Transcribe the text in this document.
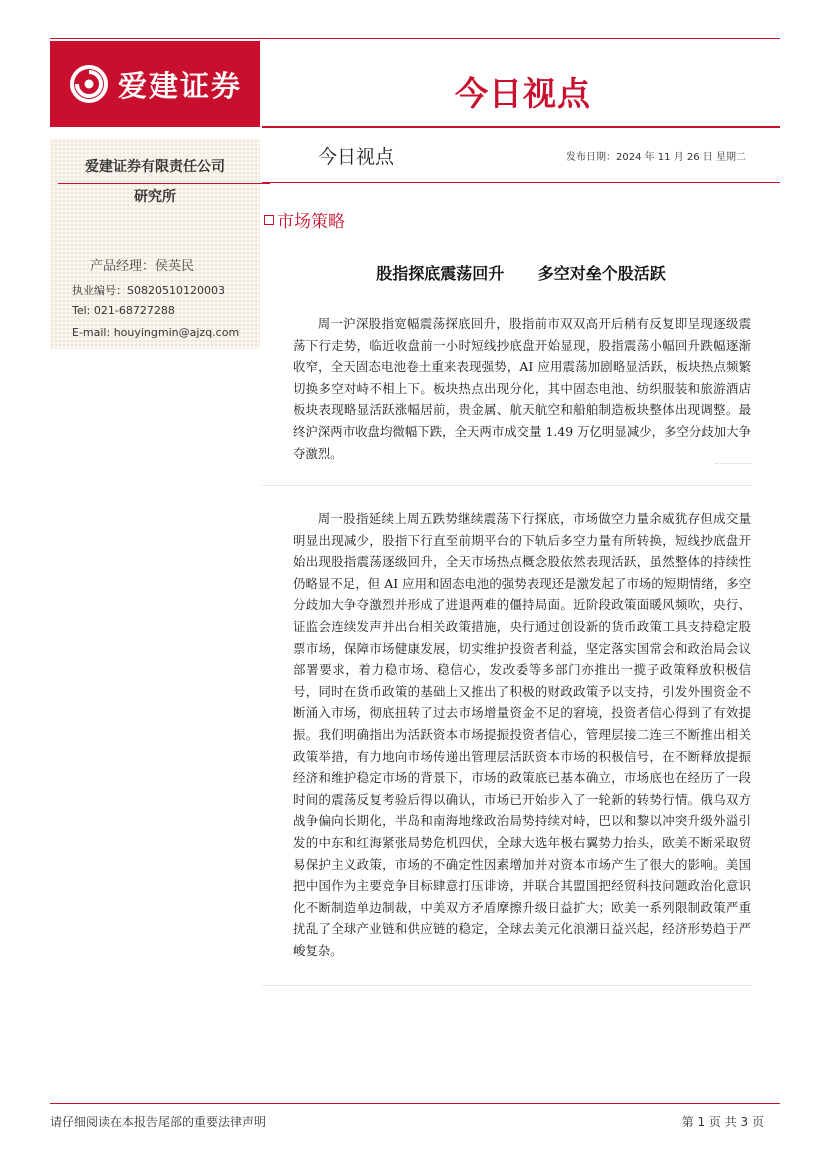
爱建证券	今日视点
爱建证券有限责任公司
研究所
产品经理：侯英民
执业编号：S0820510120003
Tel: 021-68727288
E-mail: houyingmin@ajzq.com
今日视点	发布日期：2024 年 11 月 26 日 星期二
市场策略
股指探底震荡回升      多空对垒个股活跃

周一沪深股指宽幅震荡探底回升，股指前市双双高开后稍有反复即呈现逐级震荡下行走势，临近收盘前一小时短线抄底盘开始显现，股指震荡小幅回升跌幅逐渐收窄，全天固态电池卷土重来表现强势，AI 应用震荡加剧略显活跃，板块热点频繁切换多空对峙不相上下。板块热点出现分化，其中固态电池、纺织服装和旅游酒店板块表现略显活跃涨幅居前，贵金属、航天航空和船舶制造板块整体出现调整。最终沪深两市收盘均微幅下跌，全天两市成交量 1.49 万亿明显减少，多空分歧加大争夺激烈。

周一股指延续上周五跌势继续震荡下行探底，市场做空力量余威犹存但成交量明显出现减少，股指下行直至前期平台的下轨后多空力量有所转换，短线抄底盘开始出现股指震荡逐级回升，全天市场热点概念股依然表现活跃，虽然整体的持续性仍略显不足，但 AI 应用和固态电池的强势表现还是激发起了市场的短期情绪，多空分歧加大争夺激烈并形成了进退两难的僵持局面。近阶段政策面暖风频吹，央行、证监会连续发声并出台相关政策措施，央行通过创设新的货币政策工具支持稳定股票市场，保障市场健康发展，切实维护投资者利益，坚定落实国常会和政治局会议部署要求，着力稳市场、稳信心，发改委等多部门亦推出一揽子政策释放积极信号，同时在货币政策的基础上又推出了积极的财政政策予以支持，引发外围资金不断涌入市场，彻底扭转了过去市场增量资金不足的窘境，投资者信心得到了有效提振。我们明确指出为活跃资本市场提振投资者信心，管理层接二连三不断推出相关政策举措，有力地向市场传递出管理层活跃资本市场的积极信号，在不断释放提振经济和维护稳定市场的背景下，市场的政策底已基本确立，市场底也在经历了一段时间的震荡反复考验后得以确认，市场已开始步入了一轮新的转势行情。俄乌双方战争偏向长期化，半岛和南海地缘政治局势持续对峙，巴以和黎以冲突升级外溢引发的中东和红海紧张局势危机四伏，全球大选年极右翼势力抬头，欧美不断采取贸易保护主义政策，市场的不确定性因素增加并对资本市场产生了很大的影响。美国把中国作为主要竞争目标肆意打压诽谤，并联合其盟国把经贸科技问题政治化意识化不断制造单边制裁，中美双方矛盾摩擦升级日益扩大；欧美一系列限制政策严重扰乱了全球产业链和供应链的稳定，全球去美元化浪潮日益兴起，经济形势趋于严峻复杂。

请仔细阅读在本报告尾部的重要法律声明	第 1 页 共 3 页
